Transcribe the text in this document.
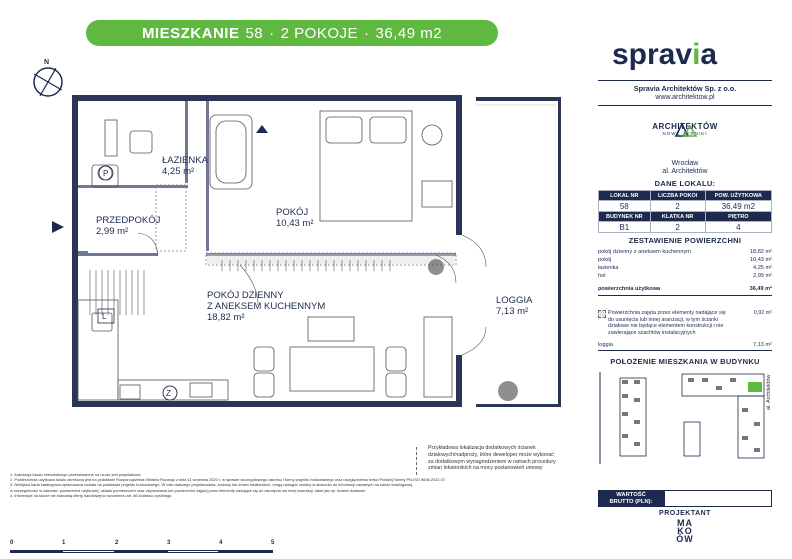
MIESZKANIE 58 · 2 POKOJE · 36,49 m2
spravia
N
P
L
Z
ŁAZIENKA
4,25 m²
PRZEDPOKÓJ
2,99 m²
POKÓJ
10,43 m²
POKÓJ DZIENNY
Z ANEKSEM KUCHENNYM
18,82 m²
LOGGIA
7,13 m²
Spravia Architektów Sp. z o.o.
www.architektow.pl
ARCHITEKTÓW
NOWE ŻERNIKI
Wrocław
al. Architektów
DANE LOKALU:
LOKAL NR	LICZBA POKOI	POW. UŻYTKOWA
58	2	36,49 m2
BUDYNEK NR	KLATKA NR	PIĘTRO
B1	2	4
ZESTAWIENIE POWIERZCHNI
pokój dzienny z aneksem kuchennym	18,82 m²
pokój	10,43 m²
łazienka	4,25 m²
hol	2,99 m²
powierzchnia użytkowa	36,49 m²
Powierzchnia zajęta przez elementy nadające się do usunięcia lub innej aranżacji, w tym ścianki działowe nie będące elementem konstrukcji i nie zawierające szachtów instalacyjnych
0,92 m²
loggia	7,13 m²
POŁOŻENIE MIESZKANIA W BUDYNKU
al. Architektów
WARTOŚĆ
BRUTTO (PLN):
PROJEKTANT
MA
KO
ÓW
Przykładowa lokalizacja dodatkowych ścianek
działowych/nadproży, które deweloper może wykonać
za dodatkowym wynagrodzeniem w ramach procedury
zmian lokatorskich na mocy postanowień umowy
1. Aranżacja lokalu mieszkalnego przedstawiona na rzucie jest przykładowa.
2. Powierzchnia użytkowa lokalu określona jest na podstawie Rozporządzenia Ministra Rozwoju z dnia 11 września 2020 r. w sprawie szczegółowego zakresu i formy projektu budowlanego oraz uwzględnieniu treści Polskiej Normy PN-ISO 9836:2022-07.
3. Niniejsza karta katalogowa opracowana została na podstawie projektu budowlanego. W toku dalszego projektowania, budowy lub zmian lokatorskich, mogą nastąpić zmiany w stosunku do informacji zawartych na karcie katalogowej,
w szczególności w zakresie: powierzchni użytkowej, układu pomieszczeń oraz usytuowania lub powierzchni zajętej przez elementy nadające się do usunięcia lub innej aranżacji, takie jak np. ścianki działowe.
4. Informacje na karcie nie stanowią oferty handlowej w rozumieniu art. 66 kodeksu cywilnego.
0	1	2	3	4	5
